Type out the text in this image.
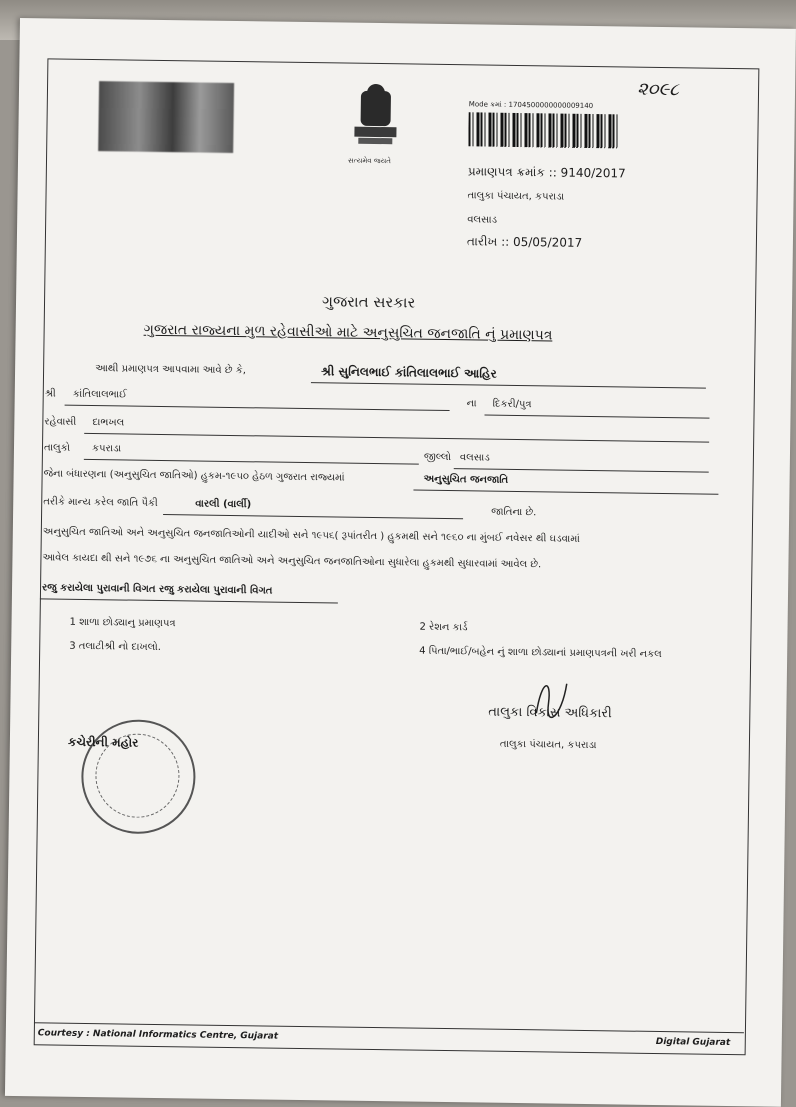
૨૦૯૮
સત્યમેવ જયતે
Mode ક્રમાં : 1704500000000009140
પ્રમાણપત્ર ક્રમાંક :: 9140/2017
તાલુકા પંચાયત, કપરાડા
વલસાડ
તારીખ :: 05/05/2017
ગુજરાત સરકાર
ગુજરાત રાજ્યના મુળ રહેવાસીઓ માટે અનુસુચિત જનજાતિ નું પ્રમાણપત્ર
આથી પ્રમાણપત્ર આપવામા આવે છે કે,	શ્રી સુનિલભાઈ કાંતિલાલભાઈ આહિર
શ્રી કાંતિલાલભાઈ
ના દિકરી/પુત્ર
રહેવાસી દાભખલ
તાલુકો કપરાડા
જીલ્લો વલસાડ
જેના બંધારણના (અનુસુચિત જાતિઓ) હુકમ-૧૯૫૦ હેઠળ ગુજરાત રાજ્યમાં	અનુસુચિત જનજાતિ
તરીકે માન્ય કરેલ જાતિ પૈકી	વારલી (વાર્લી)
જાતિના છે.
અનુસુચિત જાતિઓ અને અનુસુચિત જનજાતિઓની યાદીઓ સને ૧૯૫૬( રૂપાંતરીત ) હુકમથી સને ૧૯૬૦ ના મુંબઈ નવેસર થી ઘડવામાં
આવેલ કાયદા થી સને ૧૯૭૬ ના અનુસુચિત જાતિઓ અને અનુસુચિત જનજાતિઓના સુધારેલા હુકમથી સુધારવામાં આવેલ છે.
રજુ કરાયેલા પુરાવાની વિગત રજુ કરાયેલા પુરાવાની વિગત
1 શાળા છોડ્યાનુ પ્રમાણપત્ર	2 રેશન કાર્ડ
3 તલાટીશ્રી નો દાખલો.	4 પિતા/ભાઈ/બહેન નું શાળા છોડ્યાનાં પ્રમાણપત્રની ખરી નકલ
તાલુકા વિકાસ અધિકારી
તાલુકા પંચાયત, કપરાડા
કચેરીની મહોર
Courtesy : National Informatics Centre, Gujarat
Digital Gujarat
